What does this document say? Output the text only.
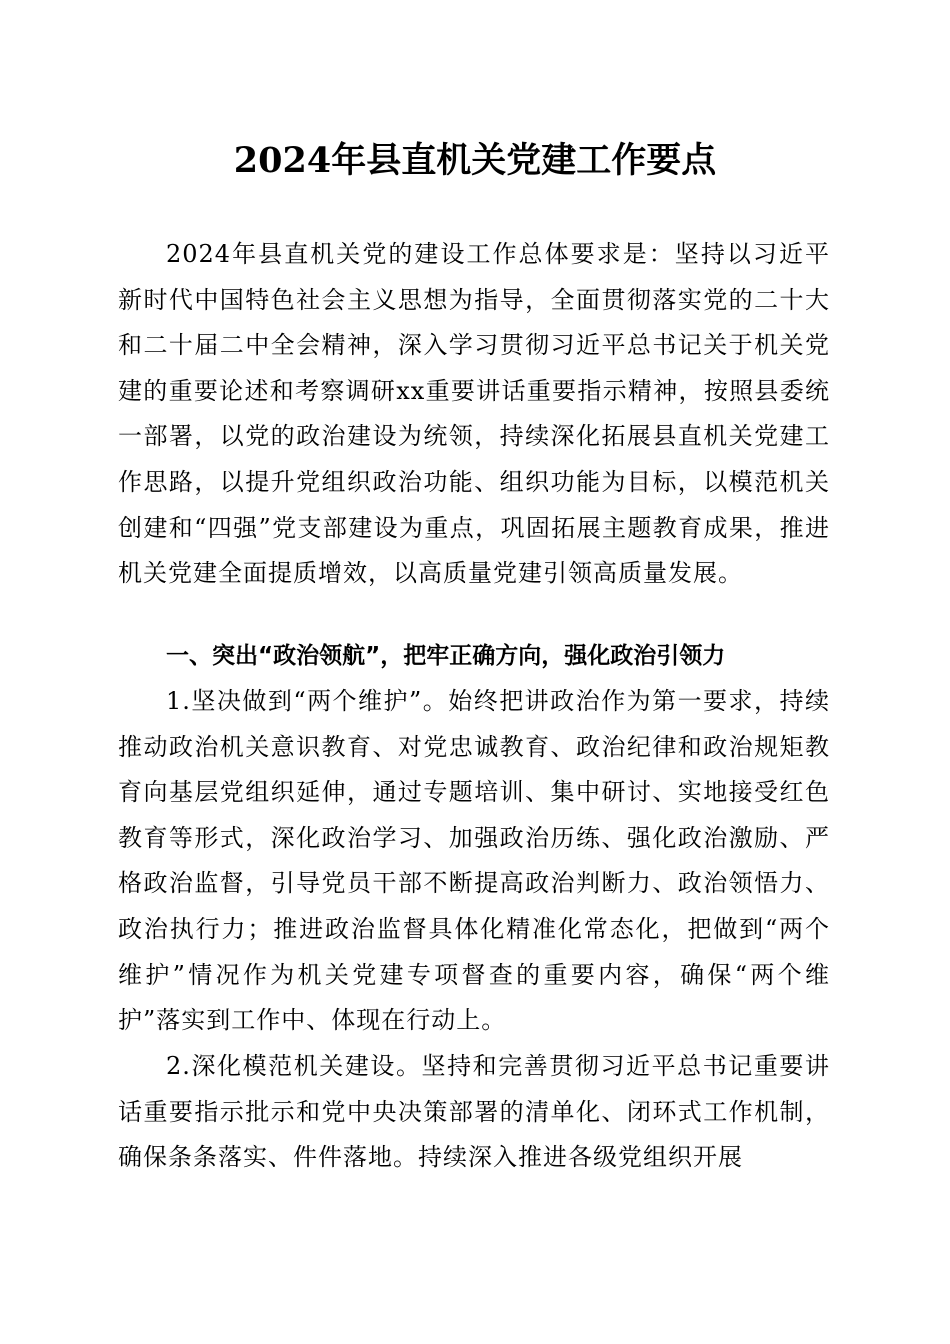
2024年县直机关党建工作要点

2024年县直机关党的建设工作总体要求是：坚持以习近平新时代中国特色社会主义思想为指导，全面贯彻落实党的二十大和二十届二中全会精神，深入学习贯彻习近平总书记关于机关党建的重要论述和考察调研xx重要讲话重要指示精神，按照县委统一部署，以党的政治建设为统领，持续深化拓展县直机关党建工作思路，以提升党组织政治功能、组织功能为目标，以模范机关创建和“四强”党支部建设为重点，巩固拓展主题教育成果，推进机关党建全面提质增效，以高质量党建引领高质量发展。

一、突出“政治领航”，把牢正确方向，强化政治引领力

1.坚决做到“两个维护”。始终把讲政治作为第一要求，持续推动政治机关意识教育、对党忠诚教育、政治纪律和政治规矩教育向基层党组织延伸，通过专题培训、集中研讨、实地接受红色教育等形式，深化政治学习、加强政治历练、强化政治激励、严格政治监督，引导党员干部不断提高政治判断力、政治领悟力、政治执行力；推进政治监督具体化精准化常态化，把做到“两个维护”情况作为机关党建专项督查的重要内容，确保“两个维护”落实到工作中、体现在行动上。

2.深化模范机关建设。坚持和完善贯彻习近平总书记重要讲话重要指示批示和党中央决策部署的清单化、闭环式工作机制，确保条条落实、件件落地。持续深入推进各级党组织开展
